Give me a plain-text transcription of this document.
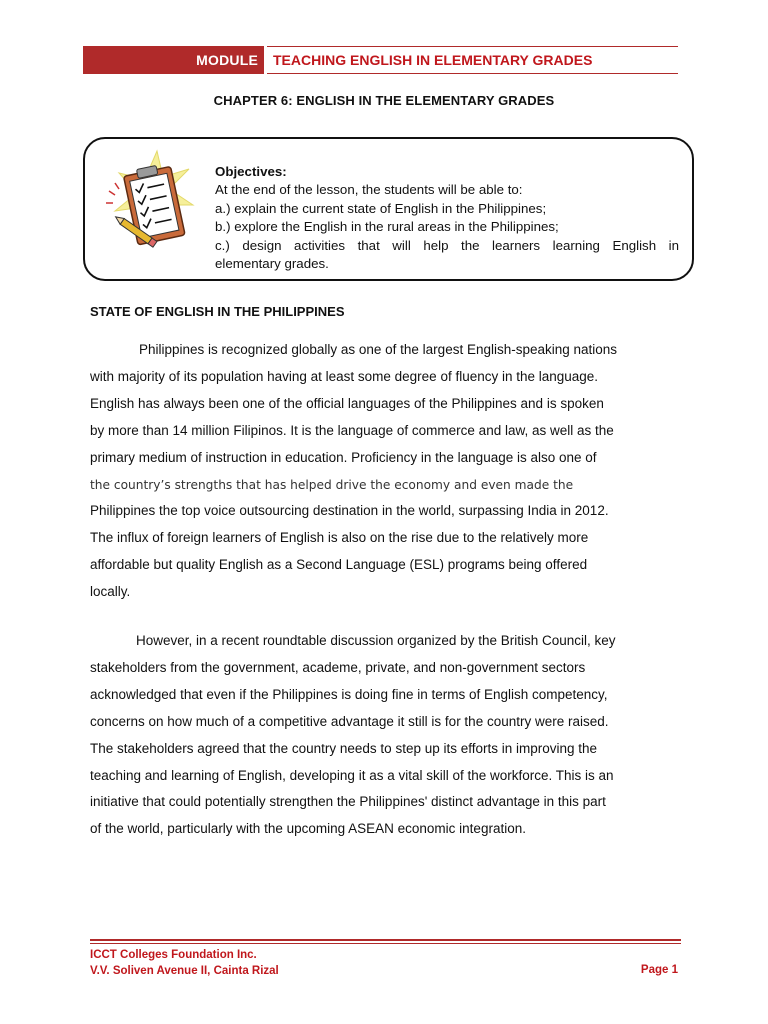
MODULE	TEACHING ENGLISH IN ELEMENTARY GRADES
CHAPTER 6: ENGLISH IN THE ELEMENTARY GRADES
Objectives:
At the end of the lesson, the students will be able to:
a.) explain the current state of English in the Philippines;
b.) explore the English in the rural areas in the Philippines;
c.) design activities that will help the learners learning English in
elementary grades.
STATE OF ENGLISH IN THE PHILIPPINES
Philippines is recognized globally as one of the largest English-speaking nations
with majority of its population having at least some degree of fluency in the language.
English has always been one of the official languages of the Philippines and is spoken
by more than 14 million Filipinos. It is the language of commerce and law, as well as the
primary medium of instruction in education. Proficiency in the language is also one of
the country’s strengths that has helped drive the economy and even made the
Philippines the top voice outsourcing destination in the world, surpassing India in 2012.
The influx of foreign learners of English is also on the rise due to the relatively more
affordable but quality English as a Second Language (ESL) programs being offered
locally.
However, in a recent roundtable discussion organized by the British Council, key
stakeholders from the government, academe, private, and non-government sectors
acknowledged that even if the Philippines is doing fine in terms of English competency,
concerns on how much of a competitive advantage it still is for the country were raised.
The stakeholders agreed that the country needs to step up its efforts in improving the
teaching and learning of English, developing it as a vital skill of the workforce. This is an
initiative that could potentially strengthen the Philippines' distinct advantage in this part
of the world, particularly with the upcoming ASEAN economic integration.
ICCT Colleges Foundation Inc.
V.V. Soliven Avenue II, Cainta Rizal	Page 1
